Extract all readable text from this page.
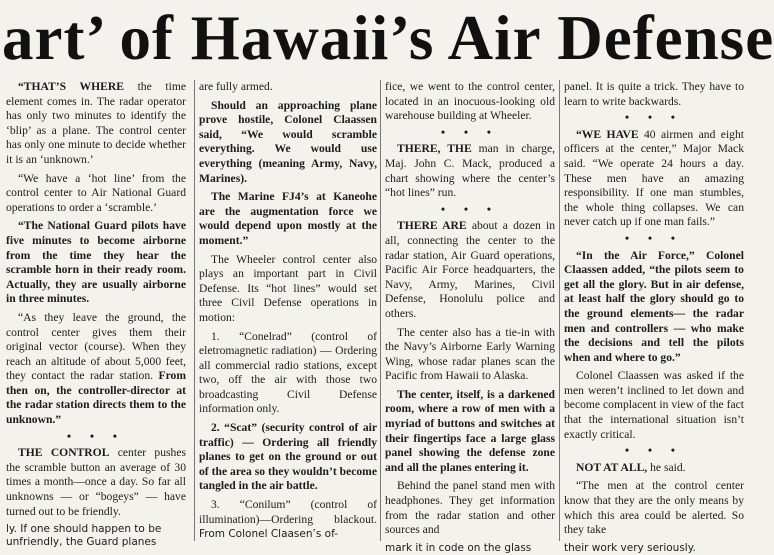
art’ of Hawaii’s Air Defense

“THAT’S WHERE the time element comes in. The radar operator has only two minutes to identify the ‘blip’ as a plane. The control center has only one minute to decide whether it is an ‘unknown.’

“We have a ‘hot line’ from the control center to Air National Guard operations to order a ‘scramble.’

“The National Guard pilots have five minutes to become airborne from the time they hear the scramble horn in their ready room. Actually, they are usually airborne in three minutes.

“As they leave the ground, the control center gives them their original vector (course). When they reach an altitude of about 5,000 feet, they contact the radar station. From then on, the controller-director at the radar station directs them to the unknown.”

• • •

THE CONTROL center pushes the scramble button an average of 30 times a month—once a day. So far all unknowns — or “bogeys” — have turned out to be friendly.

ly. If one should happen to be unfriendly, the Guard planes

are fully armed.

Should an approaching plane prove hostile, Colonel Claassen said, “We would scramble everything. We would use everything (meaning Army, Navy, Marines).

The Marine FJ4’s at Kaneohe are the augmentation force we would depend upon mostly at the moment.”

The Wheeler control center also plays an important part in Civil Defense. Its “hot lines” would set three Civil Defense operations in motion:

1. “Conelrad” (control of eletromagnetic radiation) — Ordering all commercial radio stations, except two, off the air with those two broadcasting Civil Defense information only.

2. “Scat” (security control of air traffic) — Ordering all friendly planes to get on the ground or out of the area so they wouldn’t become tangled in the air battle.

3. “Conilum” (control of illumination)—Ordering blackout. From Colonel Claasen’s of-

fice, we went to the control center, located in an inocuous-looking old warehouse building at Wheeler.

• • •

THERE, THE man in charge, Maj. John C. Mack, produced a chart showing where the center’s “hot lines” run.

• • •

THERE ARE about a dozen in all, connecting the center to the radar station, Air Guard operations, Pacific Air Force headquarters, the Navy, Army, Marines, Civil Defense, Honolulu police and others.

The center also has a tie-in with the Navy’s Airborne Early Warning Wing, whose radar planes scan the Pacific from Hawaii to Alaska.

The center, itself, is a darkened room, where a row of men with a myriad of buttons and switches at their fingertips face a large glass panel showing the defense zone and all the planes entering it.

Behind the panel stand men with headphones. They get information from the radar station and other sources and

mark it in code on the glass

panel. It is quite a trick. They have to learn to write backwards.

• • •

“WE HAVE 40 airmen and eight officers at the center,” Major Mack said. “We operate 24 hours a day. These men have an amazing responsibility. If one man stumbles, the whole thing collapses. We can never catch up if one man fails.”

• • •

“In the Air Force,” Colonel Claassen added, “the pilots seem to get all the glory. But in air defense, at least half the glory should go to the ground elements— the radar men and controllers — who make the decisions and tell the pilots when and where to go.”

Colonel Claassen was asked if the men weren’t inclined to let down and become complacent in view of the fact that the international situation isn’t exactly critical.

• • •

NOT AT ALL, he said.

“The men at the control center know that they are the only means by which this area could be alerted. So they take

their work very seriously.
